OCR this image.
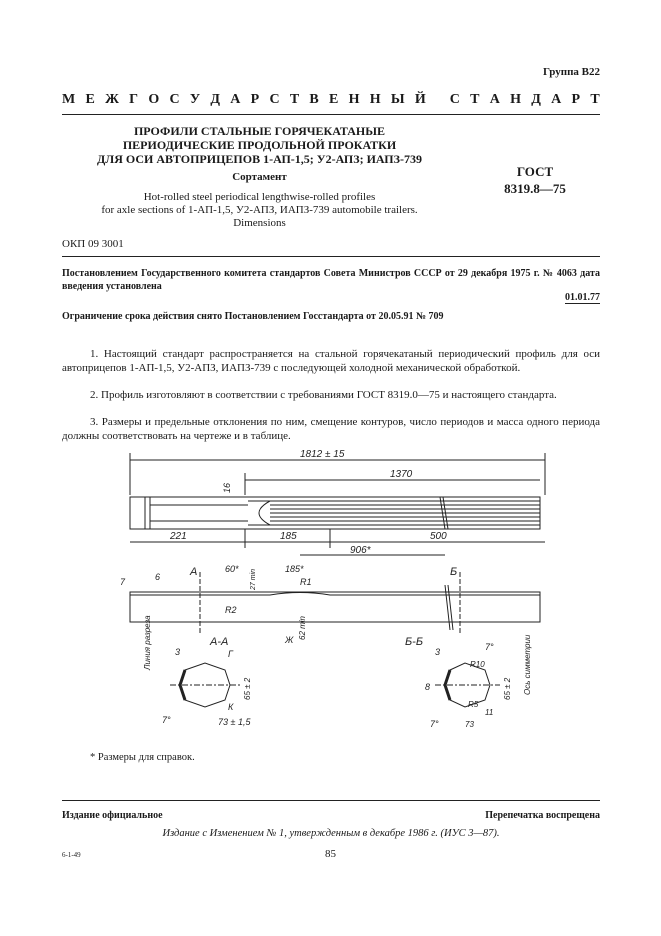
Группа В22
М Е Ж Г О С У Д А Р С Т В Е Н Н Ы Й
С Т А Н Д А Р Т
ПРОФИЛИ СТАЛЬНЫЕ ГОРЯЧЕКАТАНЫЕ
ПЕРИОДИЧЕСКИЕ ПРОДОЛЬНОЙ ПРОКАТКИ
ДЛЯ ОСИ АВТОПРИЦЕПОВ 1-АП-1,5; У2-АПЗ; ИАПЗ-739
Сортамент
Hot-rolled steel periodical lengthwise-rolled profiles
for axle sections of 1-АП-1,5, У2-АПЗ, ИАПЗ-739 automobile trailers.
Dimensions
ГОСТ
8319.8—75
ОКП 09 3001
Постановлением Государственного комитета стандартов Совета Министров СССР от 29 декабря 1975 г. № 4063 дата введения установлена
01.01.77
Ограничение срока действия снято Постановлением Госстандарта от 20.05.91 № 709

1. Настоящий стандарт распространяется на стальной горячекатаный периодический профиль для оси автоприцепов 1-АП-1,5, У2-АПЗ, ИАПЗ-739 с последующей холодной механической обработкой.

2. Профиль изготовляют в соответствии с требованиями ГОСТ 8319.0—75 и настоящего стандарта.

3. Размеры и предельные отклонения по ним, смещение контуров, число периодов и масса одного периода должны соответствовать на чертеже и в таблице.

1812 ± 15
1370
16
221	185	500
906*
А	Б
6
7
60*	185*
R1
R2
27 min
62 min
Ж
А-А	Б-Б
Линия разреза	3	Г
65 ± 2
К
73 ± 1,5
7°
3	7°
R10
8	65 ± 2
R5
11
73
7°
Ось симметрии
* Размеры для справок.
Издание официальное	Перепечатка воспрещена
Издание с Изменением № 1, утвержденным в декабре 1986 г. (ИУС 3—87).
6-1-49	85
